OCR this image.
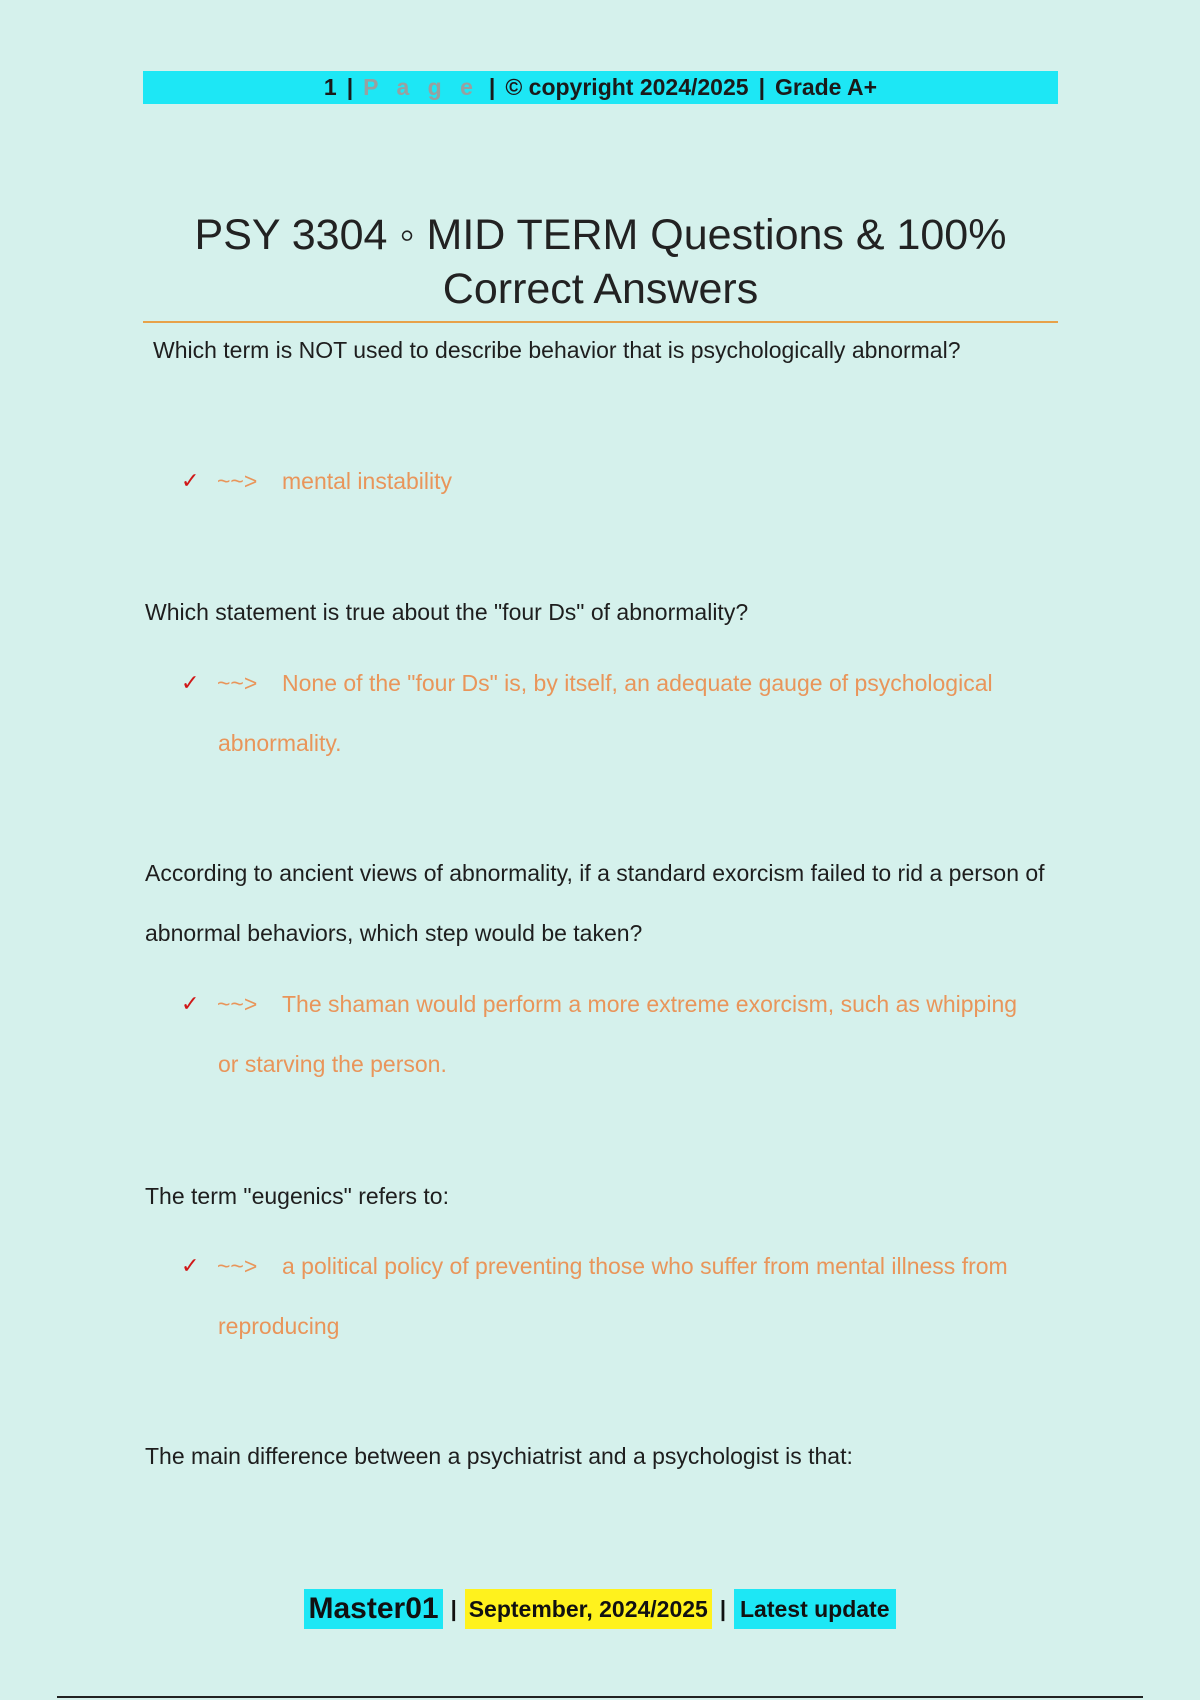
1 | P a g e | © copyright 2024/2025 | Grade A+
PSY 3304 ◦ MID TERM Questions & 100%
Correct Answers
Which term is NOT used to describe behavior that is psychologically abnormal?
✓ ~~>	mental instability
Which statement is true about the "four Ds" of abnormality?
✓ ~~>	None of the "four Ds" is, by itself, an adequate gauge of psychological abnormality.
According to ancient views of abnormality, if a standard exorcism failed to rid a person of abnormal behaviors, which step would be taken?
✓ ~~>	The shaman would perform a more extreme exorcism, such as whipping or starving the person.
The term "eugenics" refers to:
✓ ~~>	a political policy of preventing those who suffer from mental illness from reproducing
The main difference between a psychiatrist and a psychologist is that:
Master01 | September, 2024/2025 | Latest update
